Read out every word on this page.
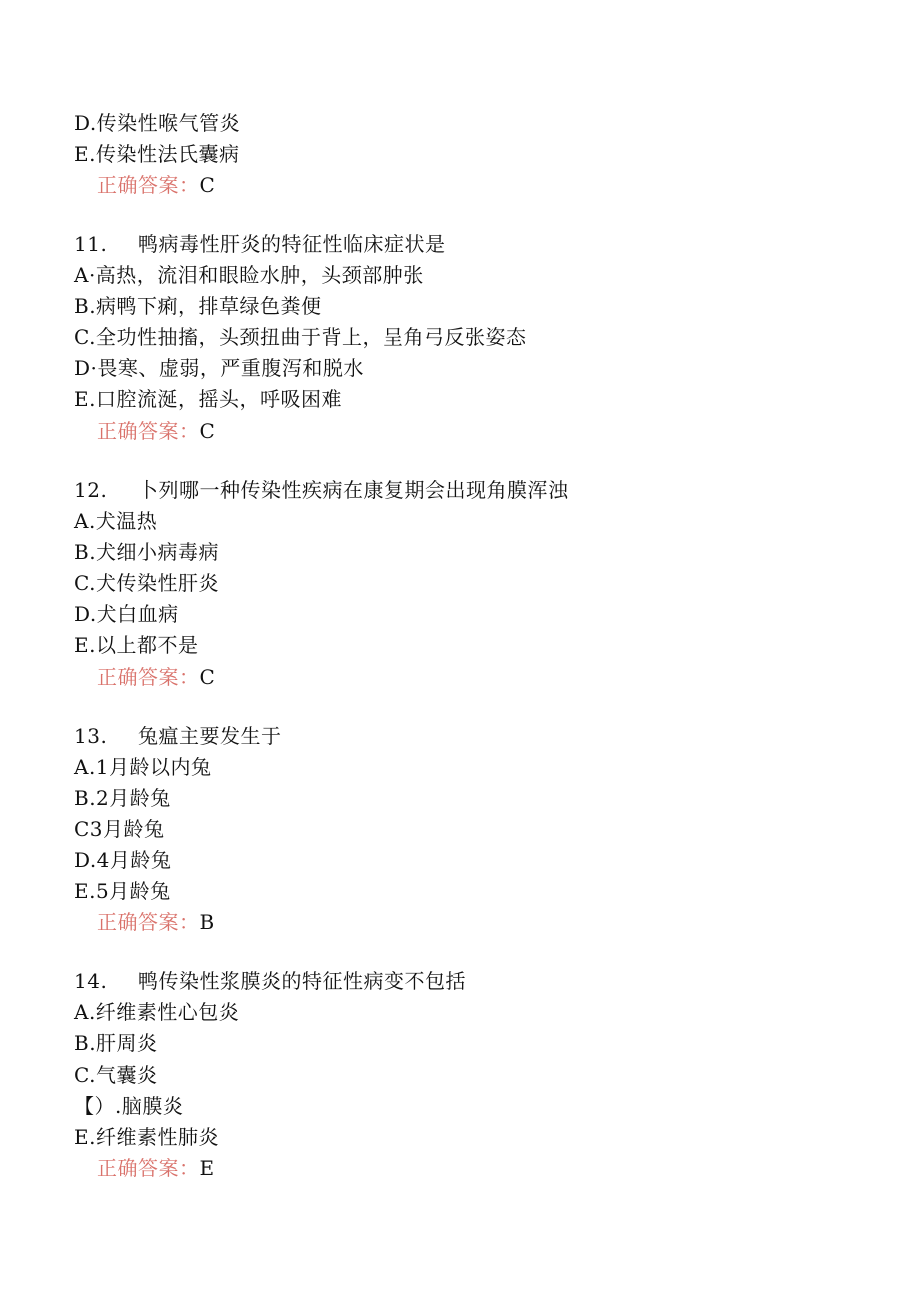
D.传染性喉气管炎
E.传染性法氏囊病
正确答案：C
11. 鸭病毒性肝炎的特征性临床症状是
A·高热，流泪和眼睑水肿，头颈部肿张
B.病鸭下痢，排草绿色粪便
C.全功性抽搐，头颈扭曲于背上，呈角弓反张姿态
D·畏寒、虚弱，严重腹泻和脱水
E.口腔流涎，摇头，呼吸困难
正确答案：C
12. 卜列哪一种传染性疾病在康复期会出现角膜浑浊
A.犬温热
B.犬细小病毒病
C.犬传染性肝炎
D.犬白血病
E.以上都不是
正确答案：C
13. 兔瘟主要发生于
A.1月龄以内兔
B.2月龄兔
C3月龄兔
D.4月龄兔
E.5月龄兔
正确答案：B
14. 鸭传染性浆膜炎的特征性病变不包括
A.纤维素性心包炎
B.肝周炎
C.气囊炎
【）.脑膜炎
E.纤维素性肺炎
正确答案：E
